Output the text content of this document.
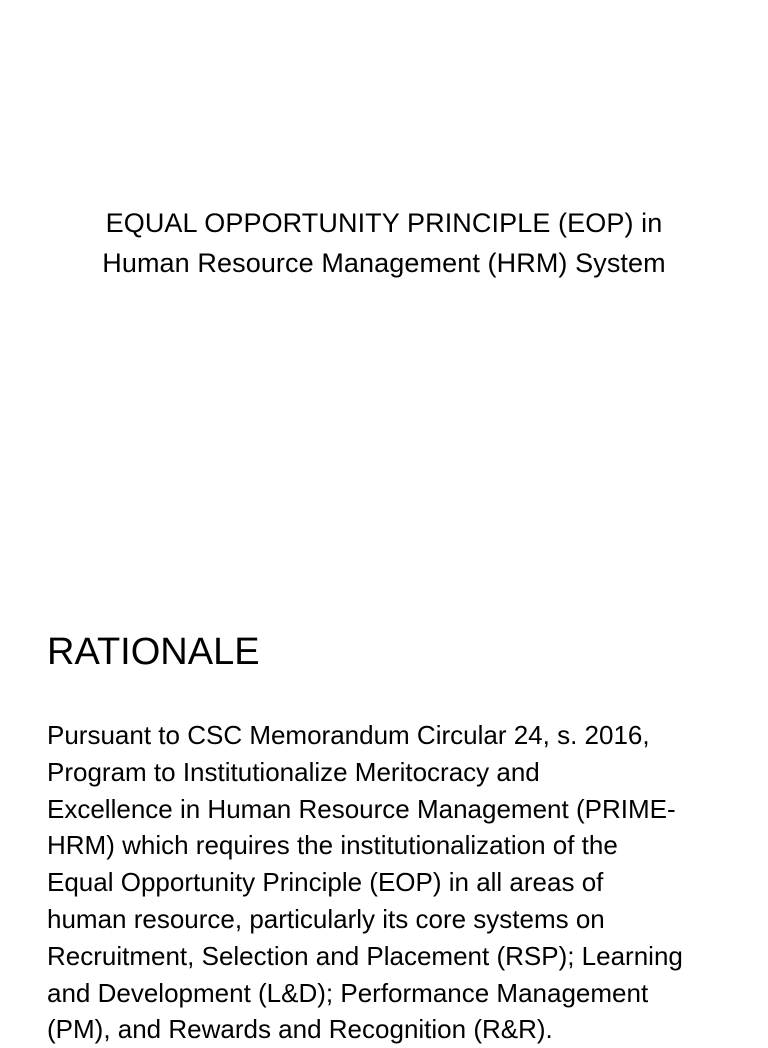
EQUAL OPPORTUNITY PRINCIPLE (EOP) in
Human Resource Management (HRM) System
RATIONALE
Pursuant to CSC Memorandum Circular 24, s. 2016,
Program to Institutionalize Meritocracy and
Excellence in Human Resource Management (PRIME-
HRM) which requires the institutionalization of the
Equal Opportunity Principle (EOP) in all areas of
human resource, particularly its core systems on
Recruitment, Selection and Placement (RSP); Learning
and Development (L&D); Performance Management
(PM), and Rewards and Recognition (R&R).
